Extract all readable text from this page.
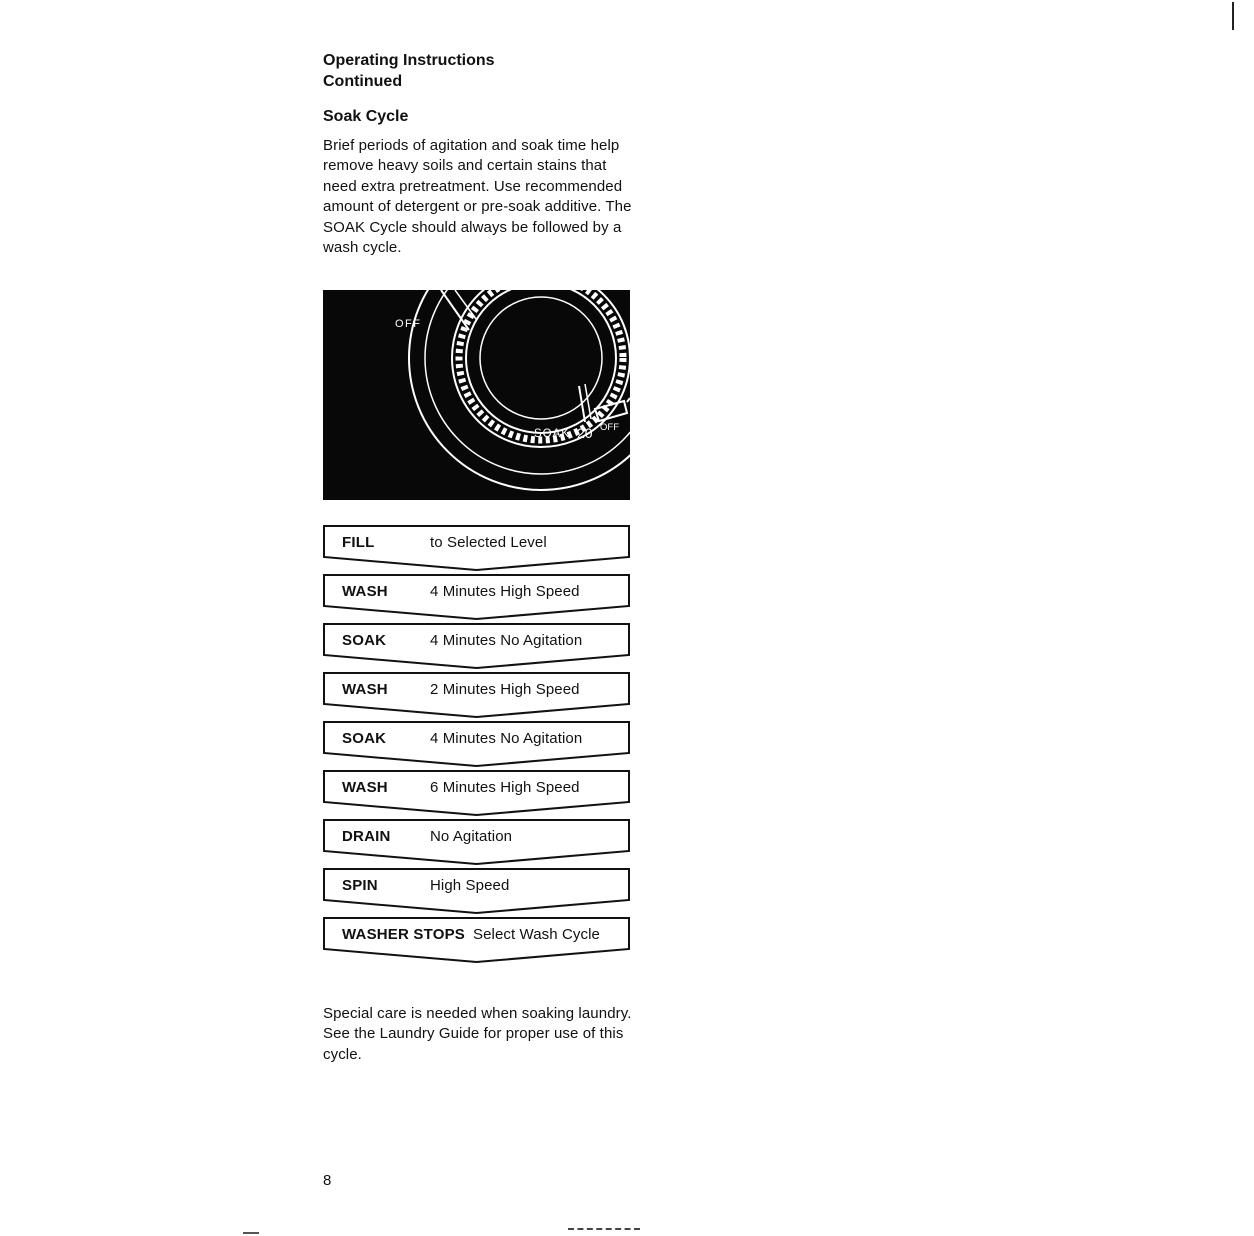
Operating Instructions
Continued
Soak Cycle
Brief periods of agitation and soak time help remove heavy soils and certain stains that need extra pretreatment. Use recommended amount of detergent or pre-soak additive. The SOAK Cycle should always be followed by a wash cycle.
OFF
SOAK 20 OFF
FILL	to Selected Level
WASH	4 Minutes High Speed
SOAK	4 Minutes No Agitation
WASH	2 Minutes High Speed
SOAK	4 Minutes No Agitation
WASH	6 Minutes High Speed
DRAIN	No Agitation
SPIN	High Speed
WASHER STOPS Select Wash Cycle
Special care is needed when soaking laundry. See the Laundry Guide for proper use of this cycle.
8
